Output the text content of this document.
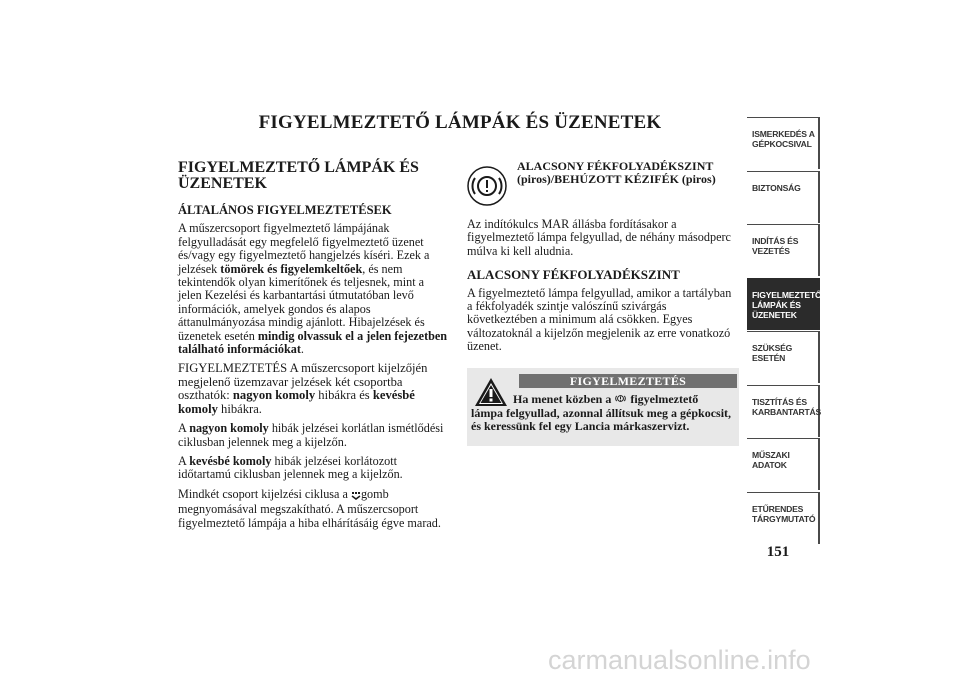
FIGYELMEZTETŐ LÁMPÁK ÉS ÜZENETEK
FIGYELMEZTETŐ LÁMPÁK ÉS ÜZENETEK
ÁLTALÁNOS FIGYELMEZTETÉSEK

A műszercsoport figyelmeztető lámpájának felgyulladását egy megfelelő figyelmeztető üzenet és/vagy egy figyelmeztető hangjelzés kíséri. Ezek a jelzések tömörek és figyelemkeltőek, és nem tekintendők olyan kimerítőnek és teljesnek, mint a jelen Kezelési és karbantartási útmutatóban levő információk, amelyek gondos és alapos áttanulmányozása mindig ajánlott. Hibajelzések és üzenetek esetén mindig olvassuk el a jelen fejezetben található információkat.

FIGYELMEZTETÉS A műszercsoport kijelzőjén megjelenő üzemzavar jelzések két csoportba oszthatók: nagyon komoly hibákra és kevésbé komoly hibákra.

A nagyon komoly hibák jelzései korlátlan ismétlődési ciklusban jelennek meg a kijelzőn.

A kevésbé komoly hibák jelzései korlátozott időtartamú ciklusban jelennek meg a kijelzőn.

Mindkét csoport kijelzési ciklusa a gomb megnyomásával megszakítható. A műszercsoport figyelmeztető lámpája a hiba elhárításáig égve marad.

ALACSONY FÉKFOLYADÉKSZINT (piros)/BEHÚZOTT KÉZIFÉK (piros)

Az indítókulcs MAR állásba fordításakor a figyelmeztető lámpa felgyullad, de néhány másodperc múlva ki kell aludnia.

ALACSONY FÉKFOLYADÉKSZINT

A figyelmeztető lámpa felgyullad, amikor a tartályban a fékfolyadék szintje valószínű szivárgás következtében a minimum alá csökken. Egyes változatoknál a kijelzőn megjelenik az erre vonatkozó üzenet.

FIGYELMEZTETÉS
Ha menet közben a  figyelmeztető lámpa felgyullad, azonnal állítsuk meg a gépkocsit, és keressünk fel egy Lancia márkaszervizt.
ISMERKEDÉS A GÉPKOCSIVAL
BIZTONSÁG
INDÍTÁS ÉS VEZETÉS
FIGYELMEZTETŐ LÁMPÁK ÉS ÜZENETEK
SZÜKSÉG ESETÉN
TISZTÍTÁS ÉS KARBANTARTÁS
MŰSZAKI ADATOK
ETŰRENDES TÁRGYMUTATÓ
151
carmanualsonline.info
